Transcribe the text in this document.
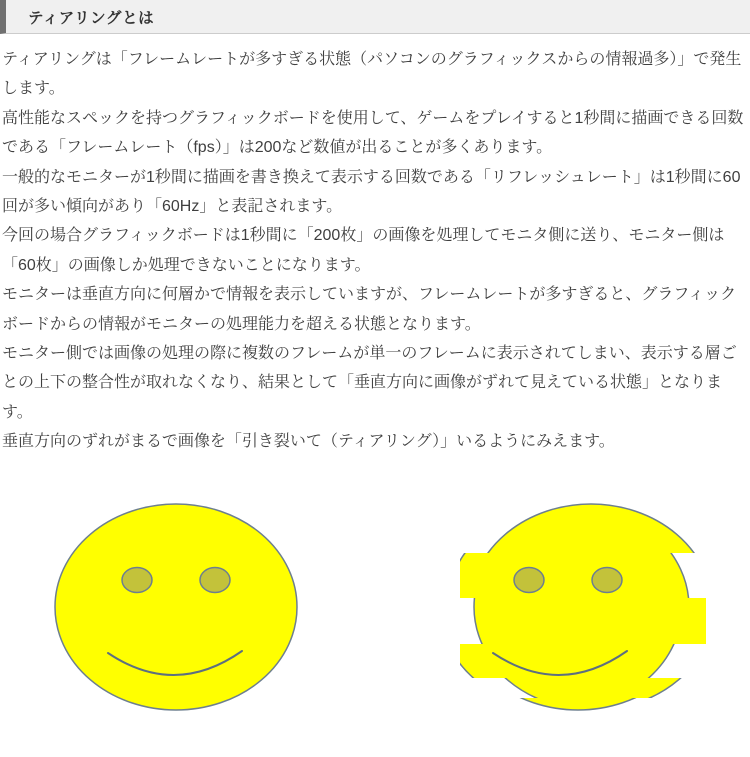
ティアリングとは

ティアリングは「フレームレートが多すぎる状態（パソコンのグラフィックスからの情報過多）」で発生します。

高性能なスペックを持つグラフィックボードを使用して、ゲームをプレイすると1秒間に描画できる回数である「フレームレート（fps）」は200など数値が出ることが多くあります。

一般的なモニターが1秒間に描画を書き換えて表示する回数である「リフレッシュレート」は1秒間に60回が多い傾向があり「60Hz」と表記されます。

今回の場合グラフィックボードは1秒間に「200枚」の画像を処理してモニタ側に送り、モニター側は「60枚」の画像しか処理できないことになります。

モニターは垂直方向に何層かで情報を表示していますが、フレームレートが多すぎると、グラフィックボードからの情報がモニターの処理能力を超える状態となります。

モニター側では画像の処理の際に複数のフレームが単一のフレームに表示されてしまい、表示する層ごとの上下の整合性が取れなくなり、結果として「垂直方向に画像がずれて見えている状態」となります。

垂直方向のずれがまるで画像を「引き裂いて（ティアリング）」いるようにみえます。
